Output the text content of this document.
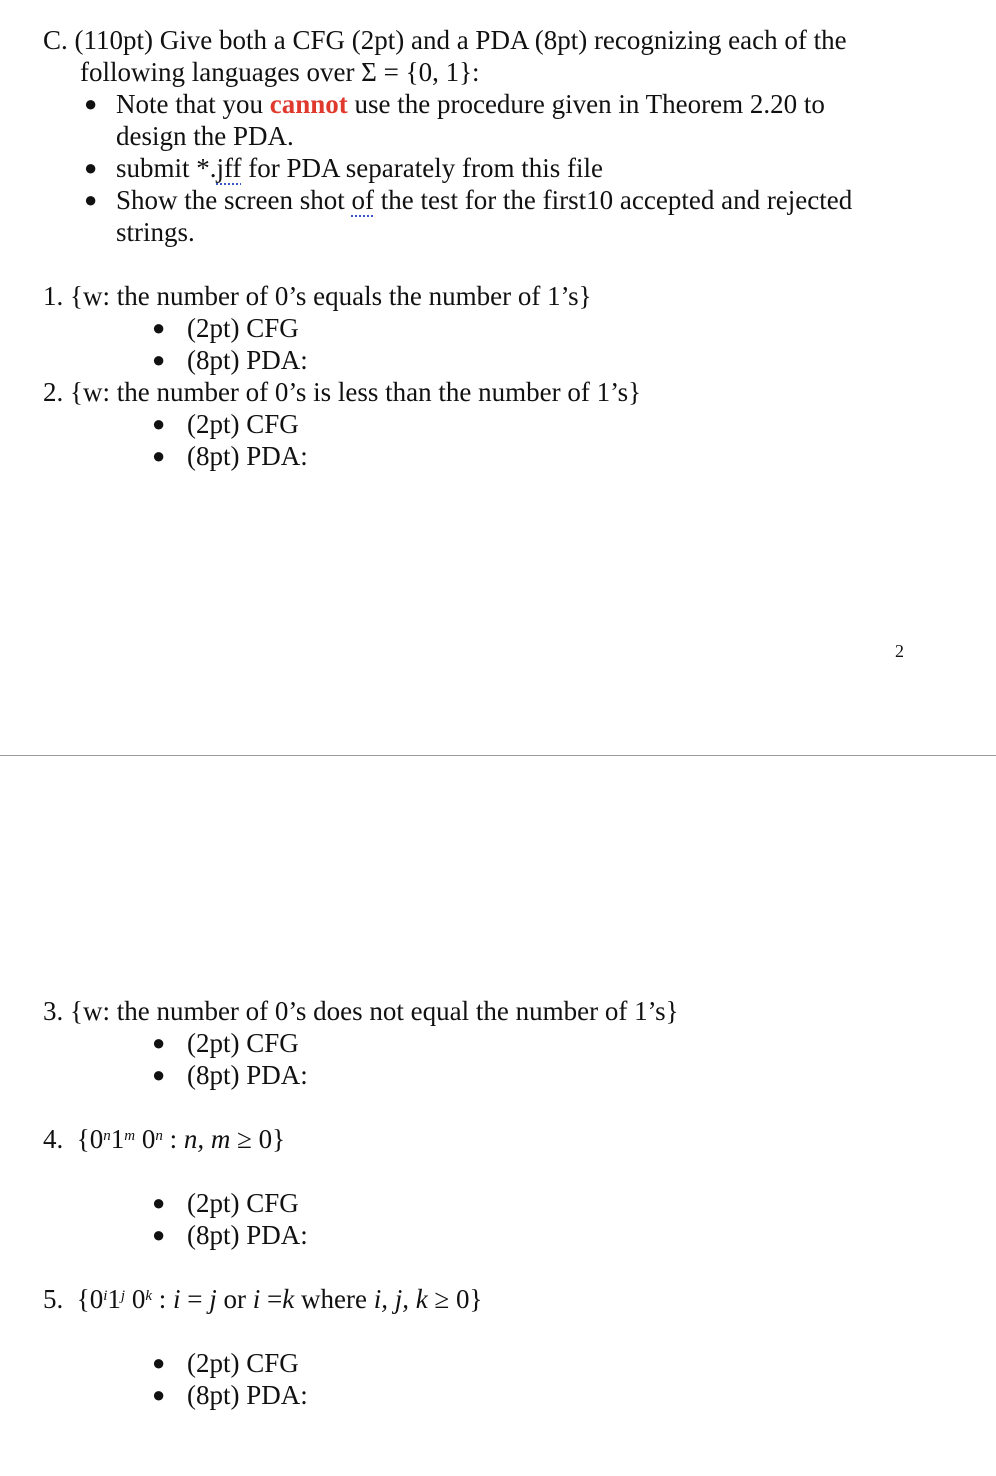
C. (110pt) Give both a CFG (2pt) and a PDA (8pt) recognizing each of the
following languages over Σ = {0, 1}:
● Note that you cannot use the procedure given in Theorem 2.20 to
design the PDA.
● submit *.jff for PDA separately from this file
● Show the screen shot of the test for the first10 accepted and rejected
strings.
1. {w: the number of 0’s equals the number of 1’s}
● (2pt) CFG
● (8pt) PDA:
2. {w: the number of 0’s is less than the number of 1’s}
● (2pt) CFG
● (8pt) PDA:
2
3. {w: the number of 0’s does not equal the number of 1’s}
● (2pt) CFG
● (8pt) PDA:
4. {0$^n$1$^m$ 0$^n$ : n, m ≥ 0}
● (2pt) CFG
● (8pt) PDA:
5. {0$^i$1$^j$ 0$^k$ : i = j or i =k where i, j, k ≥ 0}
● (2pt) CFG
● (8pt) PDA:
